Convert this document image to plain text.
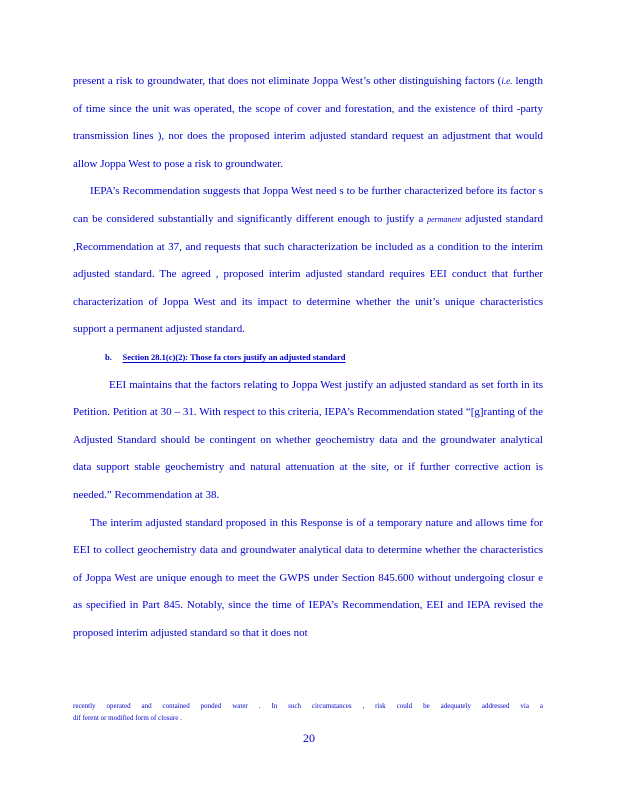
present a risk to groundwater, that does not eliminate Joppa West’s other distinguishing factors (i.e. length of time since the unit was operated, the scope of cover and forestation, and the existence of third -party transmission lines ), nor does the proposed interim adjusted standard request an adjustment that would allow Joppa West to pose a risk to groundwater.

IEPA’s Recommendation suggests that Joppa West need s to be further characterized before its factor s can be considered substantially and significantly different enough to justify a permanent adjusted standard ,Recommendation at 37, and requests that such characterization be included as a condition to the interim adjusted standard. The agreed , proposed interim adjusted standard requires EEI conduct that further characterization of Joppa West and its impact to determine whether the unit’s unique characteristics support a permanent adjusted standard.

b. Section 28.1(c)(2): Those fa ctors justify an adjusted standard

EEI maintains that the factors relating to Joppa West justify an adjusted standard as set forth in its Petition. Petition at 30 – 31. With respect to this criteria, IEPA’s Recommendation stated “[g]ranting of the Adjusted Standard should be contingent on whether geochemistry data and the groundwater analytical data support stable geochemistry and natural attenuation at the site, or if further corrective action is needed.” Recommendation at 38.

The interim adjusted standard proposed in this Response is of a temporary nature and allows time for EEI to collect geochemistry data and groundwater analytical data to determine whether the characteristics of Joppa West are unique enough to meet the GWPS under Section 845.600 without undergoing closur e as specified in Part 845. Notably, since the time of IEPA’s Recommendation, EEI and IEPA revised the proposed interim adjusted standard so that it does not

recently operated and contained ponded water . In such circumstances , risk could be adequately addressed via a
dif ferent or modified form of closure .
20
